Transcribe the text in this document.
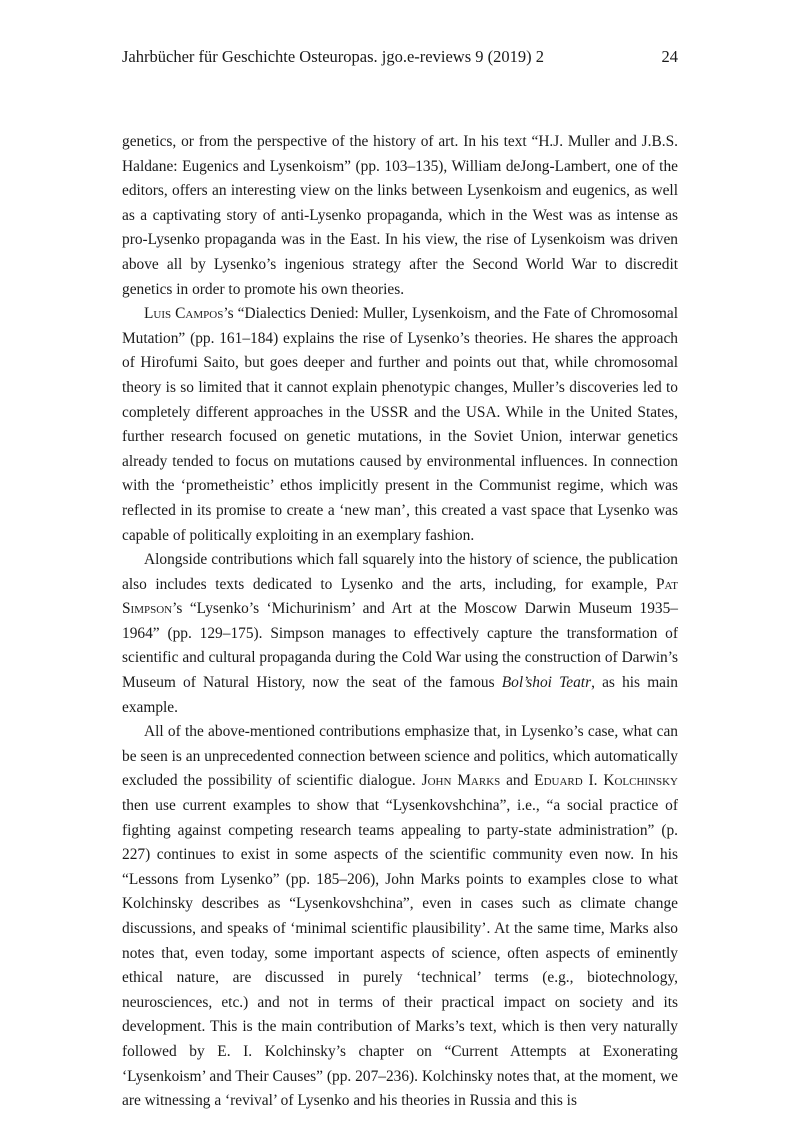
Jahrbücher für Geschichte Osteuropas. jgo.e-reviews 9 (2019) 2	24

genetics, or from the perspective of the history of art. In his text “H.J. Muller and J.B.S. Haldane: Eugenics and Lysenkoism” (pp. 103–135), William deJong-Lambert, one of the editors, offers an interesting view on the links between Lysenkoism and eugenics, as well as a captivating story of anti-Lysenko propaganda, which in the West was as intense as pro-Lysenko propaganda was in the East. In his view, the rise of Lysenkoism was driven above all by Lysenko’s ingenious strategy after the Second World War to discredit genetics in order to promote his own theories.

Luis Campos’s “Dialectics Denied: Muller, Lysenkoism, and the Fate of Chromosomal Mutation” (pp. 161–184) explains the rise of Lysenko’s theories. He shares the approach of Hirofumi Saito, but goes deeper and further and points out that, while chromosomal theory is so limited that it cannot explain phenotypic changes, Muller’s discoveries led to completely different approaches in the USSR and the USA. While in the United States, further research focused on genetic mutations, in the Soviet Union, interwar genetics already tended to focus on mutations caused by environmental influences. In connection with the ‘prometheistic’ ethos implicitly present in the Communist regime, which was reflected in its promise to create a ‘new man’, this created a vast space that Lysenko was capable of politically exploiting in an exemplary fashion.

Alongside contributions which fall squarely into the history of science, the publication also includes texts dedicated to Lysenko and the arts, including, for example, Pat Simpson’s “Lysenko’s ‘Michurinism’ and Art at the Moscow Darwin Museum 1935–1964” (pp. 129–175). Simpson manages to effectively capture the transformation of scientific and cultural propaganda during the Cold War using the construction of Darwin’s Museum of Natural History, now the seat of the famous Bol’shoi Teatr, as his main example.

All of the above-mentioned contributions emphasize that, in Lysenko’s case, what can be seen is an unprecedented connection between science and politics, which automatically excluded the possibility of scientific dialogue. John Marks and Eduard I. Kolchinsky then use current examples to show that “Lysenkovshchina”, i.e., “a social practice of fighting against competing research teams appealing to party-state administration” (p. 227) continues to exist in some aspects of the scientific community even now. In his “Lessons from Lysenko” (pp. 185–206), John Marks points to examples close to what Kolchinsky describes as “Lysenkovshchina”, even in cases such as climate change discussions, and speaks of ‘minimal scientific plausibility’. At the same time, Marks also notes that, even today, some important aspects of science, often aspects of eminently ethical nature, are discussed in purely ‘technical’ terms (e.g., biotechnology, neurosciences, etc.) and not in terms of their practical impact on society and its development. This is the main contribution of Marks’s text, which is then very naturally followed by E. I. Kolchinsky’s chapter on “Current Attempts at Exonerating ‘Lysenkoism’ and Their Causes” (pp. 207–236). Kolchinsky notes that, at the moment, we are witnessing a ‘revival’ of Lysenko and his theories in Russia and this is
